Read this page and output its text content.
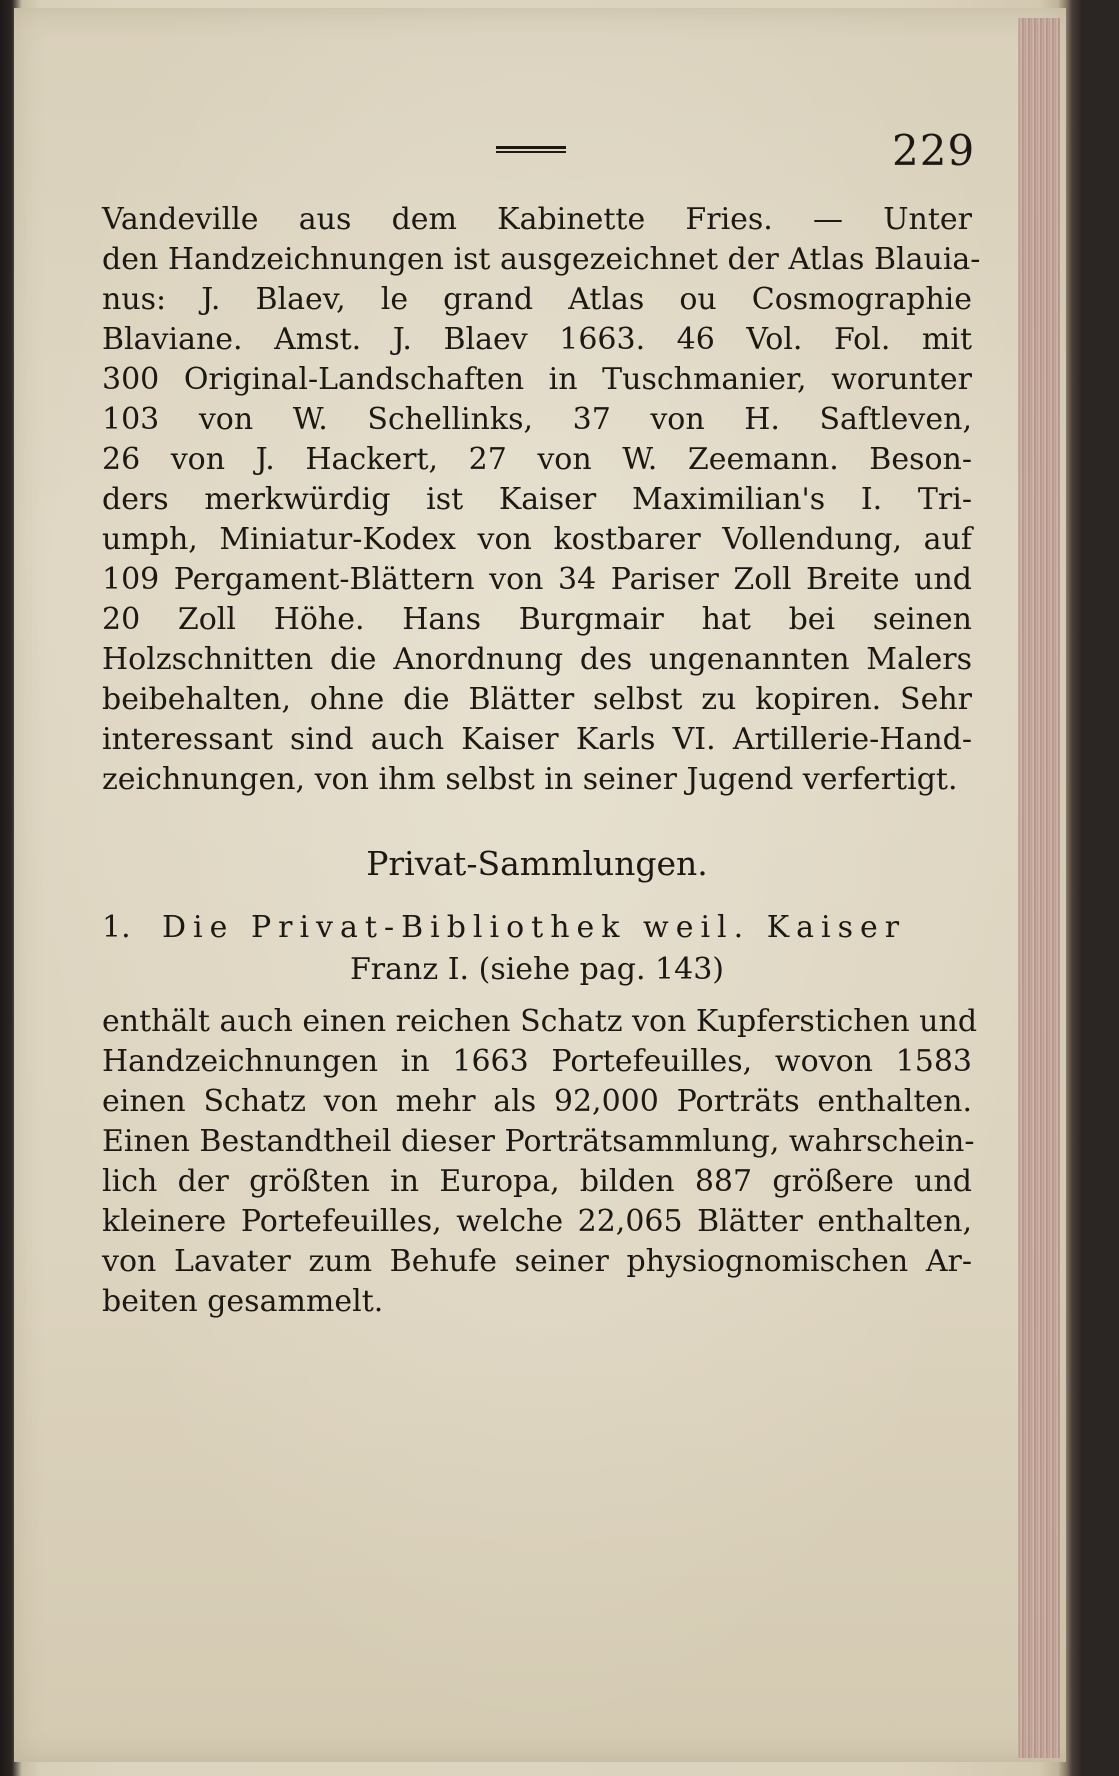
229
Vandeville aus dem Kabinette Fries. — Unter
den Handzeichnungen ist ausgezeichnet der Atlas Blauia-
nus: J. Blaev, le grand Atlas ou Cosmographie
Blaviane. Amst. J. Blaev 1663. 46 Vol. Fol. mit
300 Original-Landschaften in Tuschmanier, worunter
103 von W. Schellinks, 37 von H. Saftleven,
26 von J. Hackert, 27 von W. Zeemann. Beson-
ders merkwürdig ist Kaiser Maximilian's I. Tri-
umph, Miniatur-Kodex von kostbarer Vollendung, auf
109 Pergament-Blättern von 34 Pariser Zoll Breite und
20 Zoll Höhe. Hans Burgmair hat bei seinen
Holzschnitten die Anordnung des ungenannten Malers
beibehalten, ohne die Blätter selbst zu kopiren. Sehr
interessant sind auch Kaiser Karls VI. Artillerie-Hand-
zeichnungen, von ihm selbst in seiner Jugend verfertigt.
Privat-Sammlungen.
1. Die Privat-Bibliothek weil. Kaiser
Franz I. (siehe pag. 143)
enthält auch einen reichen Schatz von Kupferstichen und
Handzeichnungen in 1663 Portefeuilles, wovon 1583
einen Schatz von mehr als 92,000 Porträts enthalten.
Einen Bestandtheil dieser Porträtsammlung, wahrschein-
lich der größten in Europa, bilden 887 größere und
kleinere Portefeuilles, welche 22,065 Blätter enthalten,
von Lavater zum Behufe seiner physiognomischen Ar-
beiten gesammelt.
